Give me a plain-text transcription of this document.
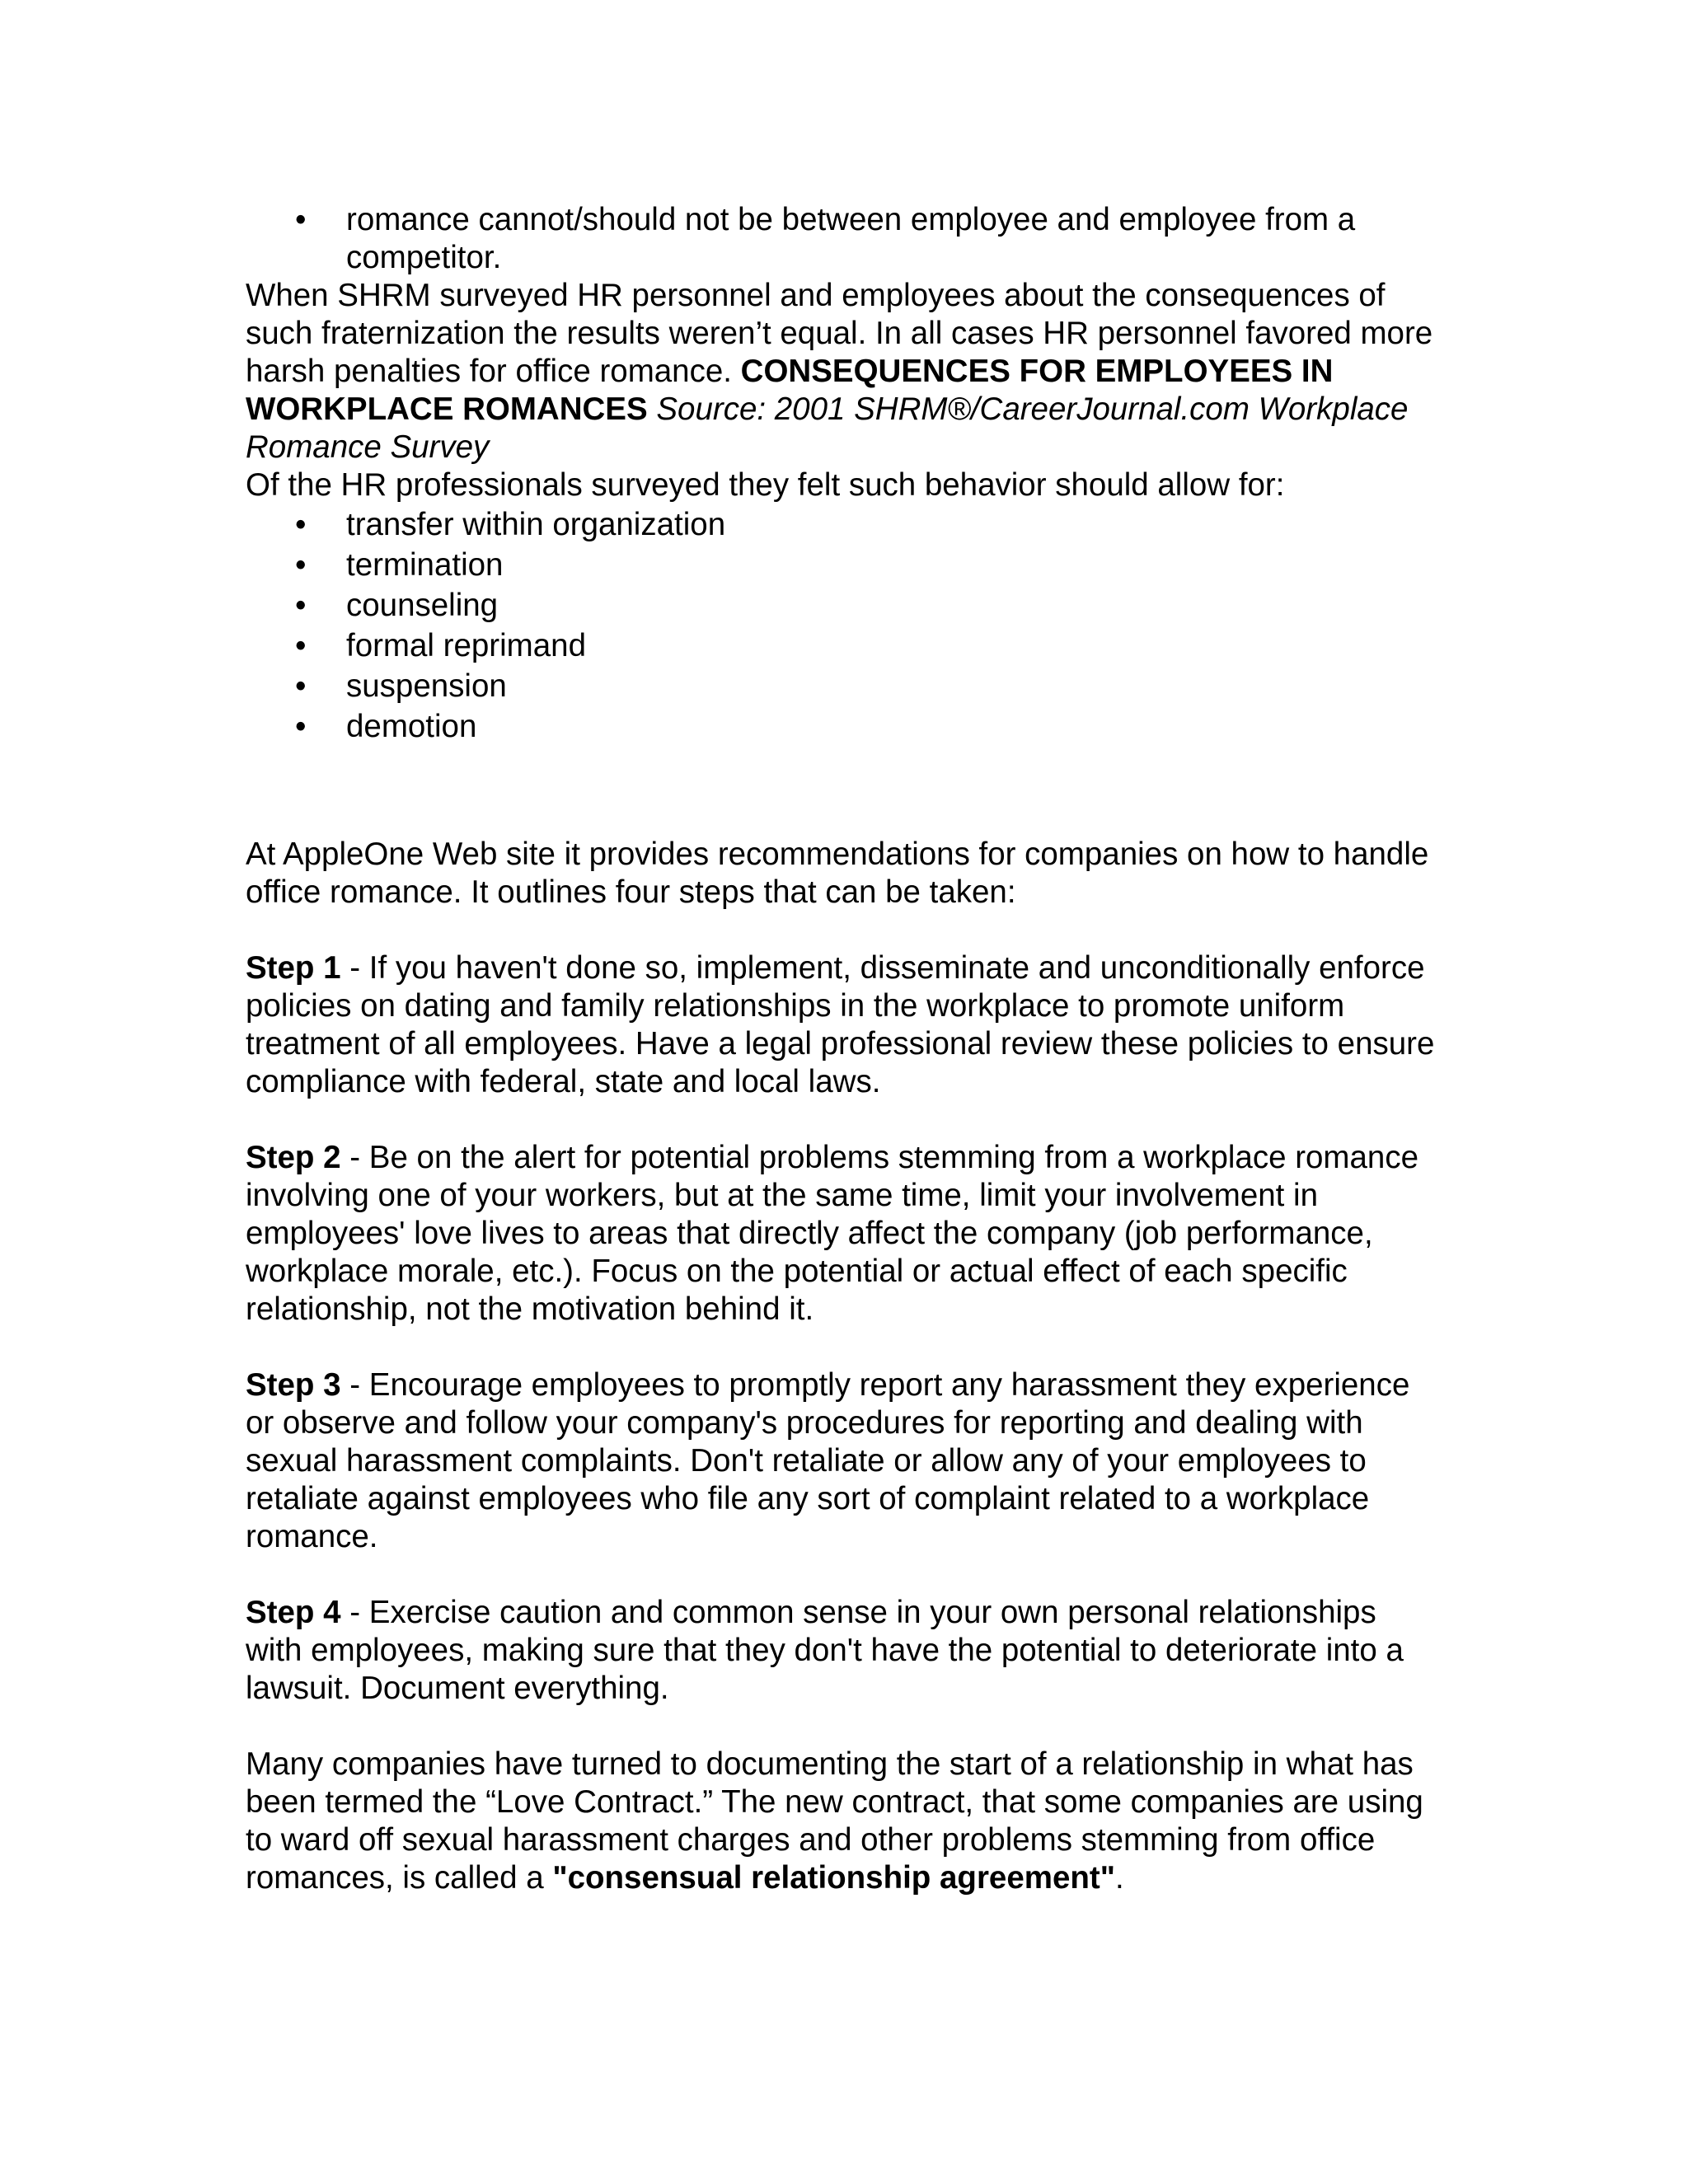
• romance cannot/should not be between employee and employee from a competitor.

When SHRM surveyed HR personnel and employees about the consequences of such fraternization the results weren’t equal. In all cases HR personnel favored more harsh penalties for office romance. CONSEQUENCES FOR EMPLOYEES IN WORKPLACE ROMANCES Source: 2001 SHRM®/CareerJournal.com Workplace Romance Survey

Of the HR professionals surveyed they felt such behavior should allow for:

• transfer within organization
• termination
• counseling
• formal reprimand
• suspension
• demotion

At AppleOne Web site it provides recommendations for companies on how to handle office romance. It outlines four steps that can be taken:

Step 1 - If you haven't done so, implement, disseminate and unconditionally enforce policies on dating and family relationships in the workplace to promote uniform treatment of all employees. Have a legal professional review these policies to ensure compliance with federal, state and local laws.

Step 2 - Be on the alert for potential problems stemming from a workplace romance involving one of your workers, but at the same time, limit your involvement in employees' love lives to areas that directly affect the company (job performance, workplace morale, etc.). Focus on the potential or actual effect of each specific relationship, not the motivation behind it.

Step 3 - Encourage employees to promptly report any harassment they experience or observe and follow your company's procedures for reporting and dealing with sexual harassment complaints. Don't retaliate or allow any of your employees to retaliate against employees who file any sort of complaint related to a workplace romance.

Step 4 - Exercise caution and common sense in your own personal relationships with employees, making sure that they don't have the potential to deteriorate into a lawsuit. Document everything.

Many companies have turned to documenting the start of a relationship in what has been termed the “Love Contract.” The new contract, that some companies are using to ward off sexual harassment charges and other problems stemming from office romances, is called a "consensual relationship agreement".
